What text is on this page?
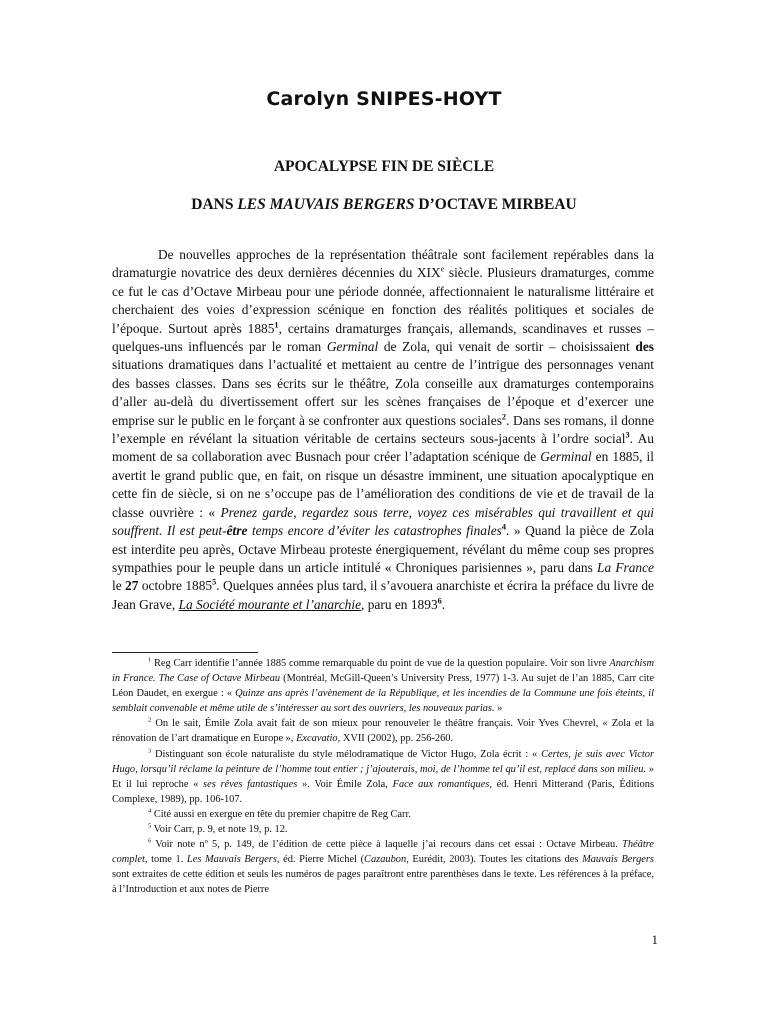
Carolyn SNIPES-HOYT
APOCALYPSE FIN DE SIÈCLE
DANS LES MAUVAIS BERGERS D’OCTAVE MIRBEAU

De nouvelles approches de la représentation théâtrale sont facilement repérables dans la dramaturgie novatrice des deux dernières décennies du XIXe siècle. Plusieurs dramaturges, comme ce fut le cas d’Octave Mirbeau pour une période donnée, affectionnaient le naturalisme littéraire et cherchaient des voies d’expression scénique en fonction des réalités politiques et sociales de l’époque. Surtout après 1885$^1$, certains dramaturges français, allemands, scandinaves et russes – quelques-uns influencés par le roman Germinal de Zola, qui venait de sortir – choisissaient des situations dramatiques dans l’actualité et mettaient au centre de l’intrigue des personnages venant des basses classes. Dans ses écrits sur le théâtre, Zola conseille aux dramaturges contemporains d’aller au-delà du divertissement offert sur les scènes françaises de l’époque et d’exercer une emprise sur le public en le forçant à se confronter aux questions sociales$^2$. Dans ses romans, il donne l’exemple en révélant la situation véritable de certains secteurs sous-jacents à l’ordre social$^3$. Au moment de sa collaboration avec Busnach pour créer l’adaptation scénique de Germinal en 1885, il avertit le grand public que, en fait, on risque un désastre imminent, une situation apocalyptique en cette fin de siècle, si on ne s’occupe pas de l’amélioration des conditions de vie et de travail de la classe ouvrière : « Prenez garde, regardez sous terre, voyez ces misérables qui travaillent et qui souffrent. Il est peut-être temps encore d’éviter les catastrophes finales$^4$. » Quand la pièce de Zola est interdite peu après, Octave Mirbeau proteste énergiquement, révélant du même coup ses propres sympathies pour le peuple dans un article intitulé « Chroniques parisiennes », paru dans La France le 27 octobre 1885$^5$. Quelques années plus tard, il s’avouera anarchiste et écrira la préface du livre de Jean Grave, La Société mourante et l’anarchie, paru en 1893$^6$.

$^1$ Reg Carr identifie l’année 1885 comme remarquable du point de vue de la question populaire. Voir son livre Anarchism in France. The Case of Octave Mirbeau (Montréal, McGill-Queen’s University Press, 1977) 1-3. Au sujet de l’an 1885, Carr cite Léon Daudet, en exergue : « Quinze ans après l’avènement de la République, et les incendies de la Commune une fois éteints, il semblait convenable et même utile de s’intéresser au sort des ouvriers, les nouveaux parias. »

$^2$ On le sait, Émile Zola avait fait de son mieux pour renouveler le théâtre français. Voir Yves Chevrel, « Zola et la rénovation de l’art dramatique en Europe », Excavatio, XVII (2002), pp. 256-260.

$^3$ Distinguant son école naturaliste du style mélodramatique de Victor Hugo, Zola écrit : « Certes, je suis avec Victor Hugo, lorsqu’il réclame la peinture de l’homme tout entier ; j’ajouterais, moi, de l’homme tel qu’il est, replacé dans son milieu. » Et il lui reproche « ses rêves fantastiques ». Voir Émile Zola, Face aux romantiques, éd. Henri Mitterand (Paris, Éditions Complexe, 1989), pp. 106-107.

$^4$ Cité aussi en exergue en tête du premier chapitre de Reg Carr.

$^5$ Voir Carr, p. 9, et note 19, p. 12.

$^6$ Voir note nº 5, p. 149, de l’édition de cette pièce à laquelle j’ai recours dans cet essai : Octave Mirbeau. Théâtre complet, tome 1. Les Mauvais Bergers, éd. Pierre Michel (Cazaubon, Eurédit, 2003). Toutes les citations des Mauvais Bergers sont extraites de cette édition et seuls les numéros de pages paraîtront entre parenthèses dans le texte. Les références à la préface, à l’Introduction et aux notes de Pierre

1
